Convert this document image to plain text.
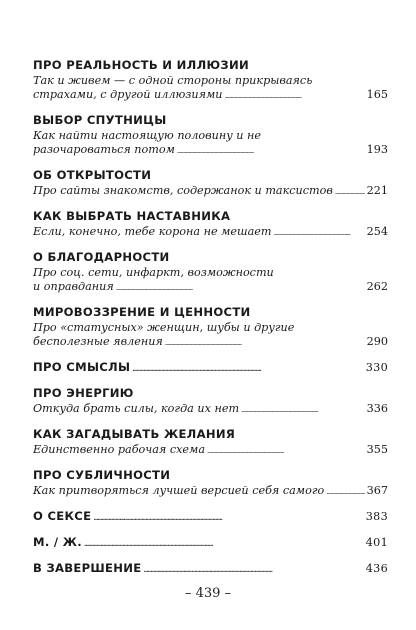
ПРО РЕАЛЬНОСТЬ И ИЛЛЮЗИИ
Так и живем — с одной стороны прикрываясь
страхами, с другой иллюзиями . . .	165
ВЫБОР СПУТНИЦЫ
Как найти настоящую половину и не
разочароваться потом . . .	193
ОБ ОТКРЫТОСТИ
Про сайты знакомств, содержанок и таксистов . . .	221
КАК ВЫБРАТЬ НАСТАВНИКА
Если, конечно, тебе корона не мешает . . .	254
О БЛАГОДАРНОСТИ
Про соц. сети, инфаркт, возможности
и оправдания . . .	262
МИРОВОЗЗРЕНИЕ И ЦЕННОСТИ
Про «статусных» женщин, шубы и другие
бесполезные явления . . .	290
ПРО СМЫСЛЫ . . .	330
ПРО ЭНЕРГИЮ
Откуда брать силы, когда их нет . . .	336
КАК ЗАГАДЫВАТЬ ЖЕЛАНИЯ
Единственно рабочая схема . . .	355
ПРО СУБЛИЧНОСТИ
Как притворяться лучшей версией себя самого . . .	367
О СЕКСЕ . . .	383
М. / Ж. . . .	401
В ЗАВЕРШЕНИЕ . . .	436
– 439 –
